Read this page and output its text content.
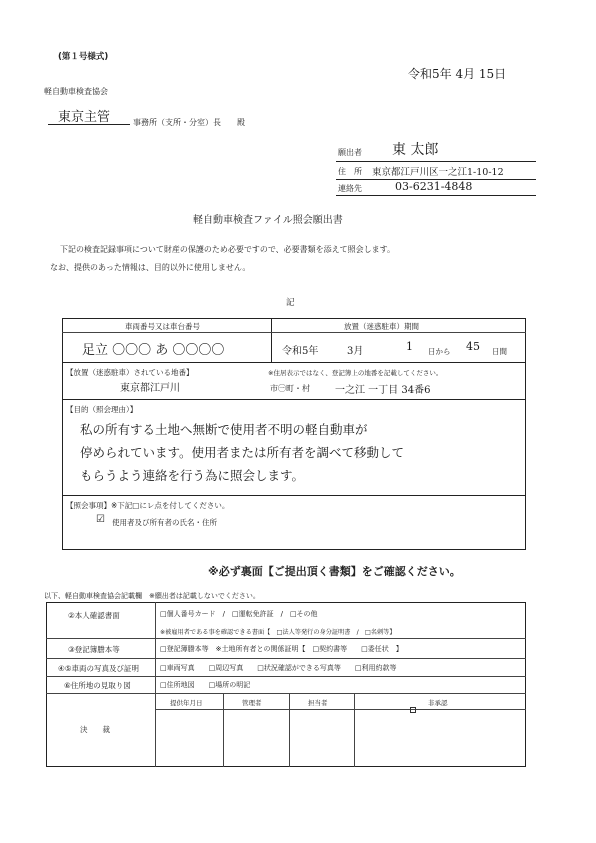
(第１号様式)
令和5年 4月 15日
軽自動車検査協会
東京主管	事務所（支所・分室）長　　殿
願出者 東 太郎
住　所 東京都江戸川区一之江1-10-12
連絡先	03-6231-4848
軽自動車検査ファイル照会願出書
下記の検査記録事項について財産の保護のため必要ですので、必要書類を添えて照会します。
なお、提供のあった情報は、目的以外に使用しません。
記
車両番号又は車台番号	放置（迷惑駐車）期間
足立 〇〇〇 あ 〇〇〇〇	令和5年	3月	1 日から 45 日間
【放置（迷惑駐車）されている地番】	※住居表示ではなく、登記簿上の地番を記載してください。
東京都江戸川	市㊀町・村	一之江 一丁目 34番6
【目的（照会理由）】
私の所有する土地へ無断で使用者不明の軽自動車が
停められています。使用者または所有者を調べて移動して
もらうよう連絡を行う為に照会します。
【照会事項】※下記□にレ点を付してください。
☑ 使用者及び所有者の氏名・住所
※必ず裏面【ご提出頂く書類】をご確認ください。
以下、軽自動車検査協会記載欄　※願出者は記載しないでください。
②本人確認書面	□個人番号カード　/　□運転免許証　/　□その他
※被雇用者である事を確認できる書面【　□法人等発行の身分証明書　/　□名刺等】
③登記簿謄本等	□登記簿謄本等　※土地所有者との関係証明【　□契約書等　　□委任状　】
④⑤車両の写真及び証明	□車両写真　　□周辺写真　　□状況確認ができる写真等　　□利用約款等
⑥住所地の見取り図	□住所地図　　□場所の明記
決　　裁
提供年月日	管理者	担当者	非承認
